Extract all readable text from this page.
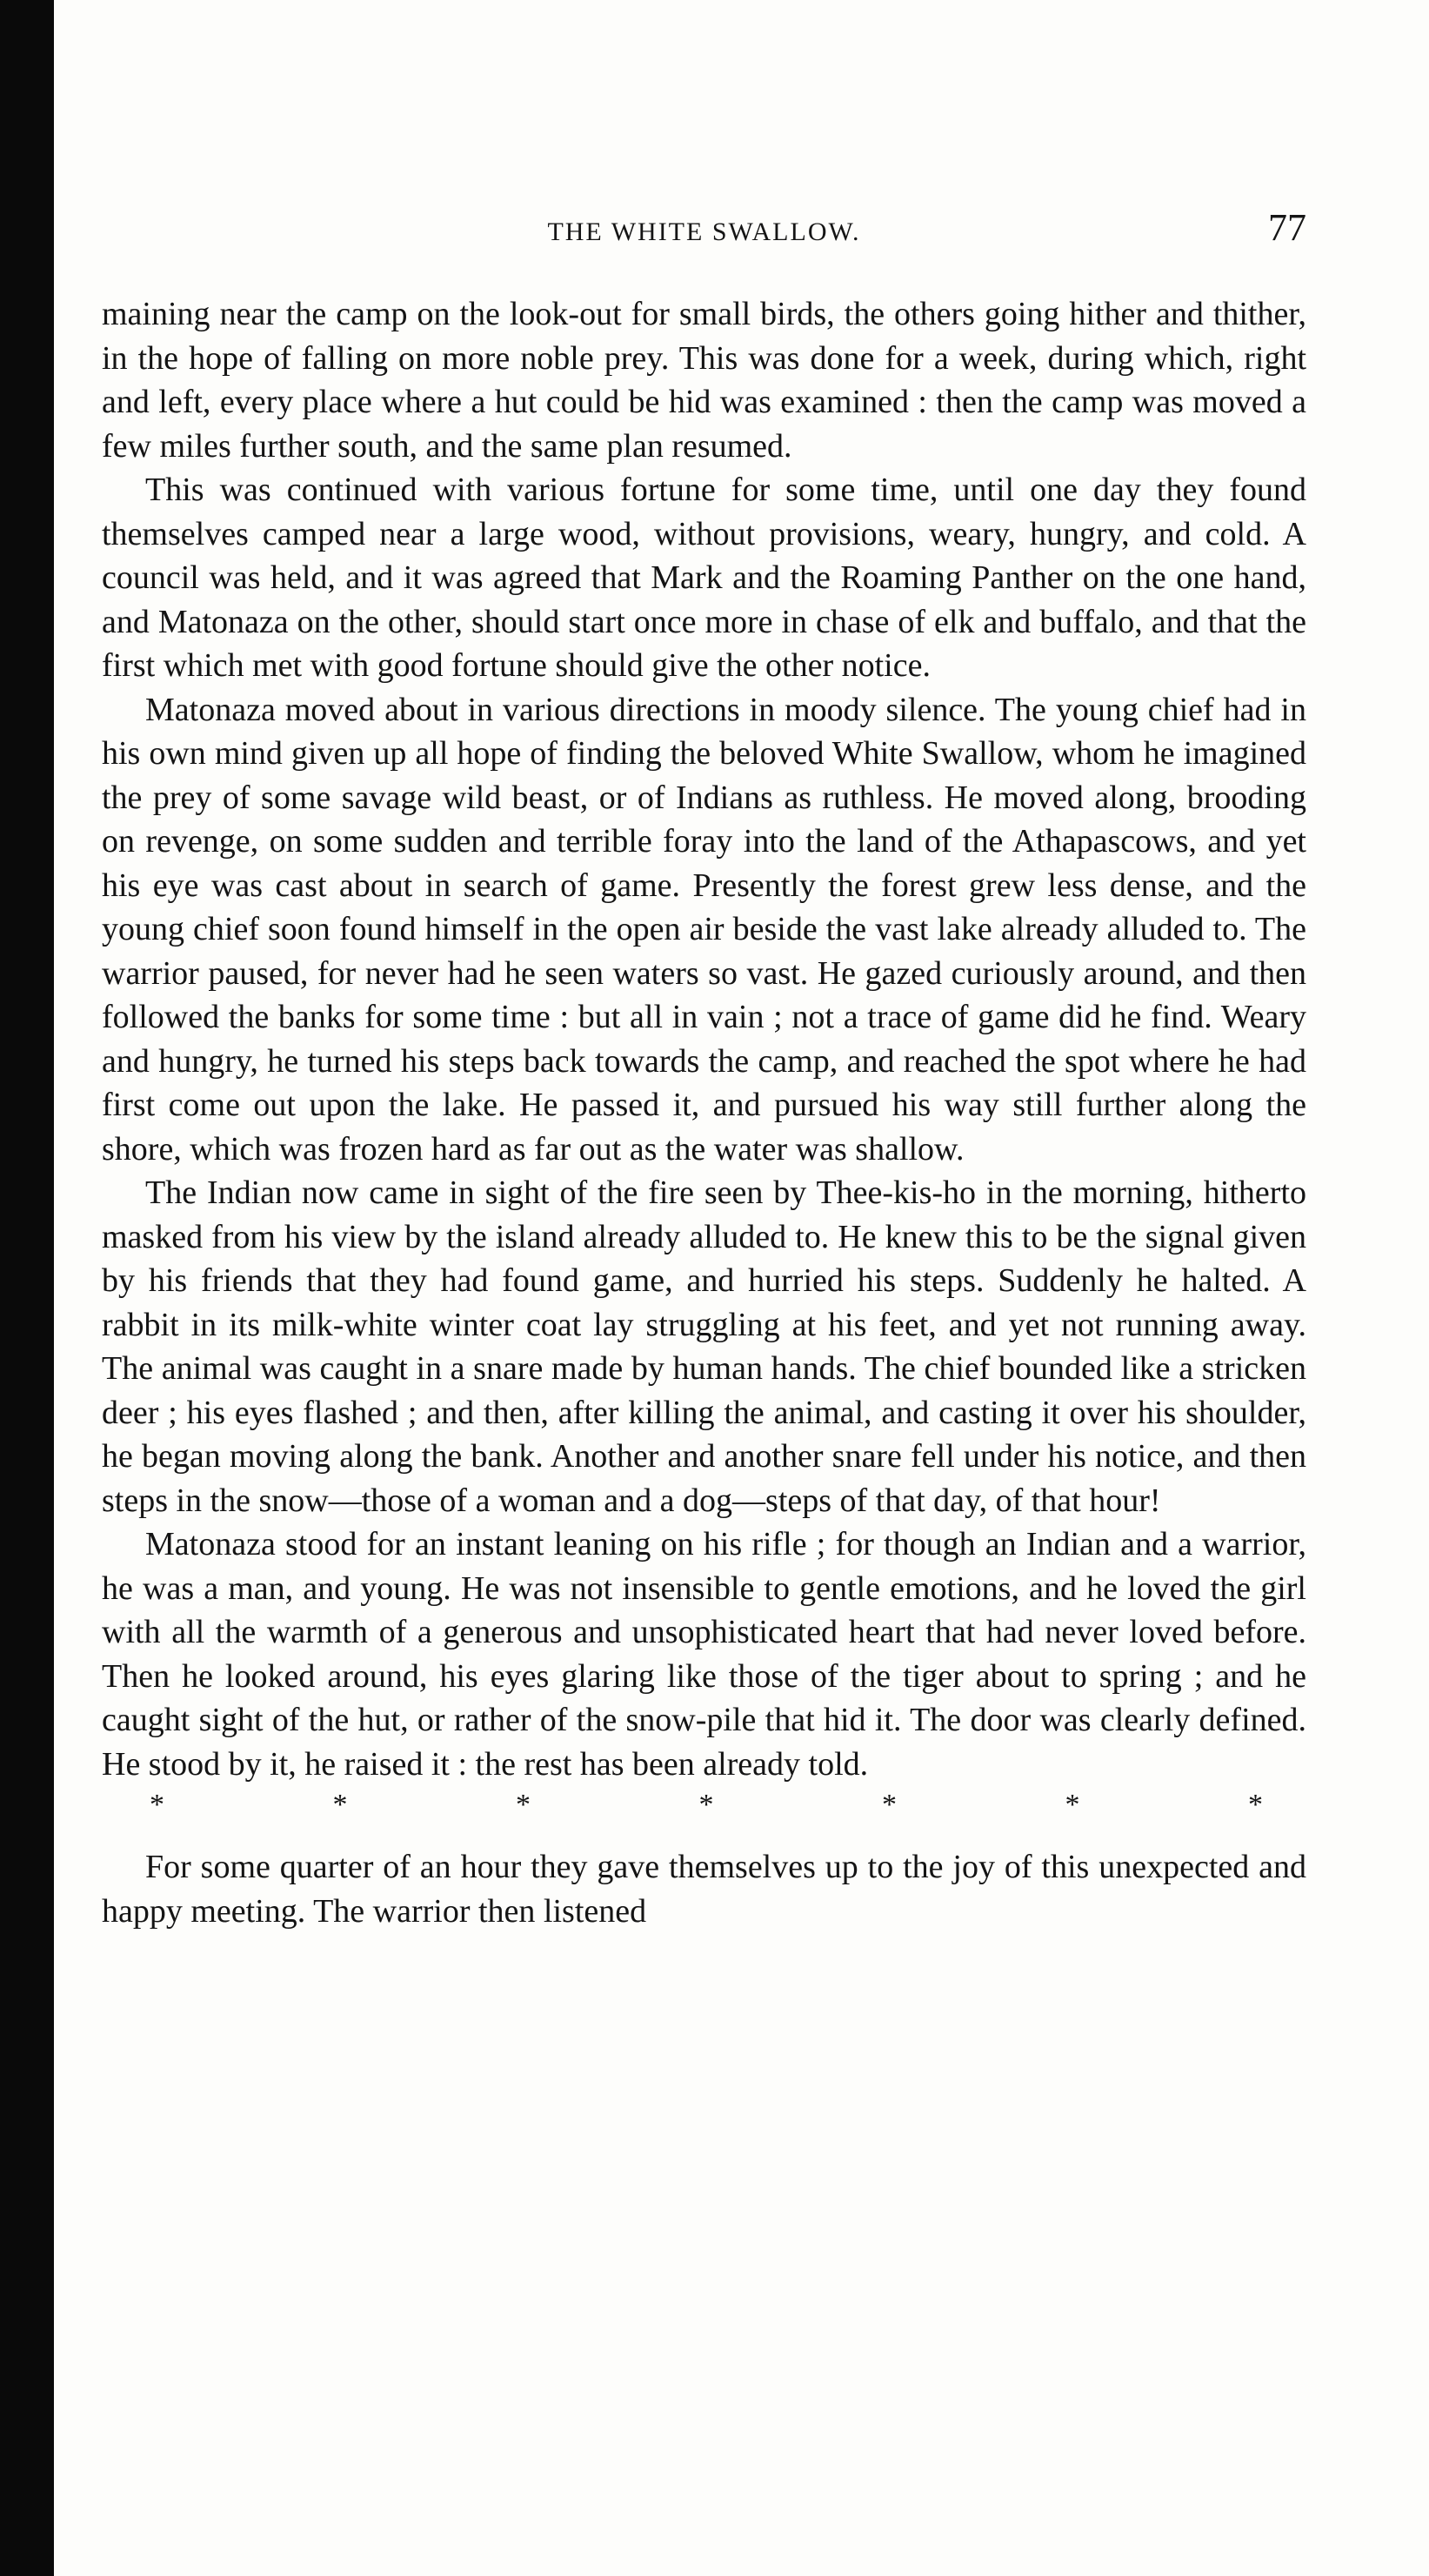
THE WHITE SWALLOW.	77

maining near the camp on the look-out for small birds, the others going hither and thither, in the hope of falling on more noble prey. This was done for a week, during which, right and left, every place where a hut could be hid was examined : then the camp was moved a few miles further south, and the same plan resumed.

This was continued with various fortune for some time, until one day they found themselves camped near a large wood, without provisions, weary, hungry, and cold. A council was held, and it was agreed that Mark and the Roaming Panther on the one hand, and Matonaza on the other, should start once more in chase of elk and buffalo, and that the first which met with good fortune should give the other notice.

Matonaza moved about in various directions in moody silence. The young chief had in his own mind given up all hope of finding the beloved White Swallow, whom he imagined the prey of some savage wild beast, or of Indians as ruthless. He moved along, brooding on revenge, on some sudden and terrible foray into the land of the Athapascows, and yet his eye was cast about in search of game. Presently the forest grew less dense, and the young chief soon found himself in the open air beside the vast lake already alluded to. The warrior paused, for never had he seen waters so vast. He gazed curiously around, and then followed the banks for some time : but all in vain ; not a trace of game did he find. Weary and hungry, he turned his steps back towards the camp, and reached the spot where he had first come out upon the lake. He passed it, and pursued his way still further along the shore, which was frozen hard as far out as the water was shallow.

The Indian now came in sight of the fire seen by Thee-kis-ho in the morning, hitherto masked from his view by the island already alluded to. He knew this to be the signal given by his friends that they had found game, and hurried his steps. Suddenly he halted. A rabbit in its milk-white winter coat lay struggling at his feet, and yet not running away. The animal was caught in a snare made by human hands. The chief bounded like a stricken deer ; his eyes flashed ; and then, after killing the animal, and casting it over his shoulder, he began moving along the bank. Another and another snare fell under his notice, and then steps in the snow—those of a woman and a dog—steps of that day, of that hour!

Matonaza stood for an instant leaning on his rifle ; for though an Indian and a warrior, he was a man, and young. He was not insensible to gentle emotions, and he loved the girl with all the warmth of a generous and unsophisticated heart that had never loved before. Then he looked around, his eyes glaring like those of the tiger about to spring ; and he caught sight of the hut, or rather of the snow-pile that hid it. The door was clearly defined. He stood by it, he raised it : the rest has been already told.

*	*	*	*	*	*	*

For some quarter of an hour they gave themselves up to the joy of this unexpected and happy meeting. The warrior then listened
